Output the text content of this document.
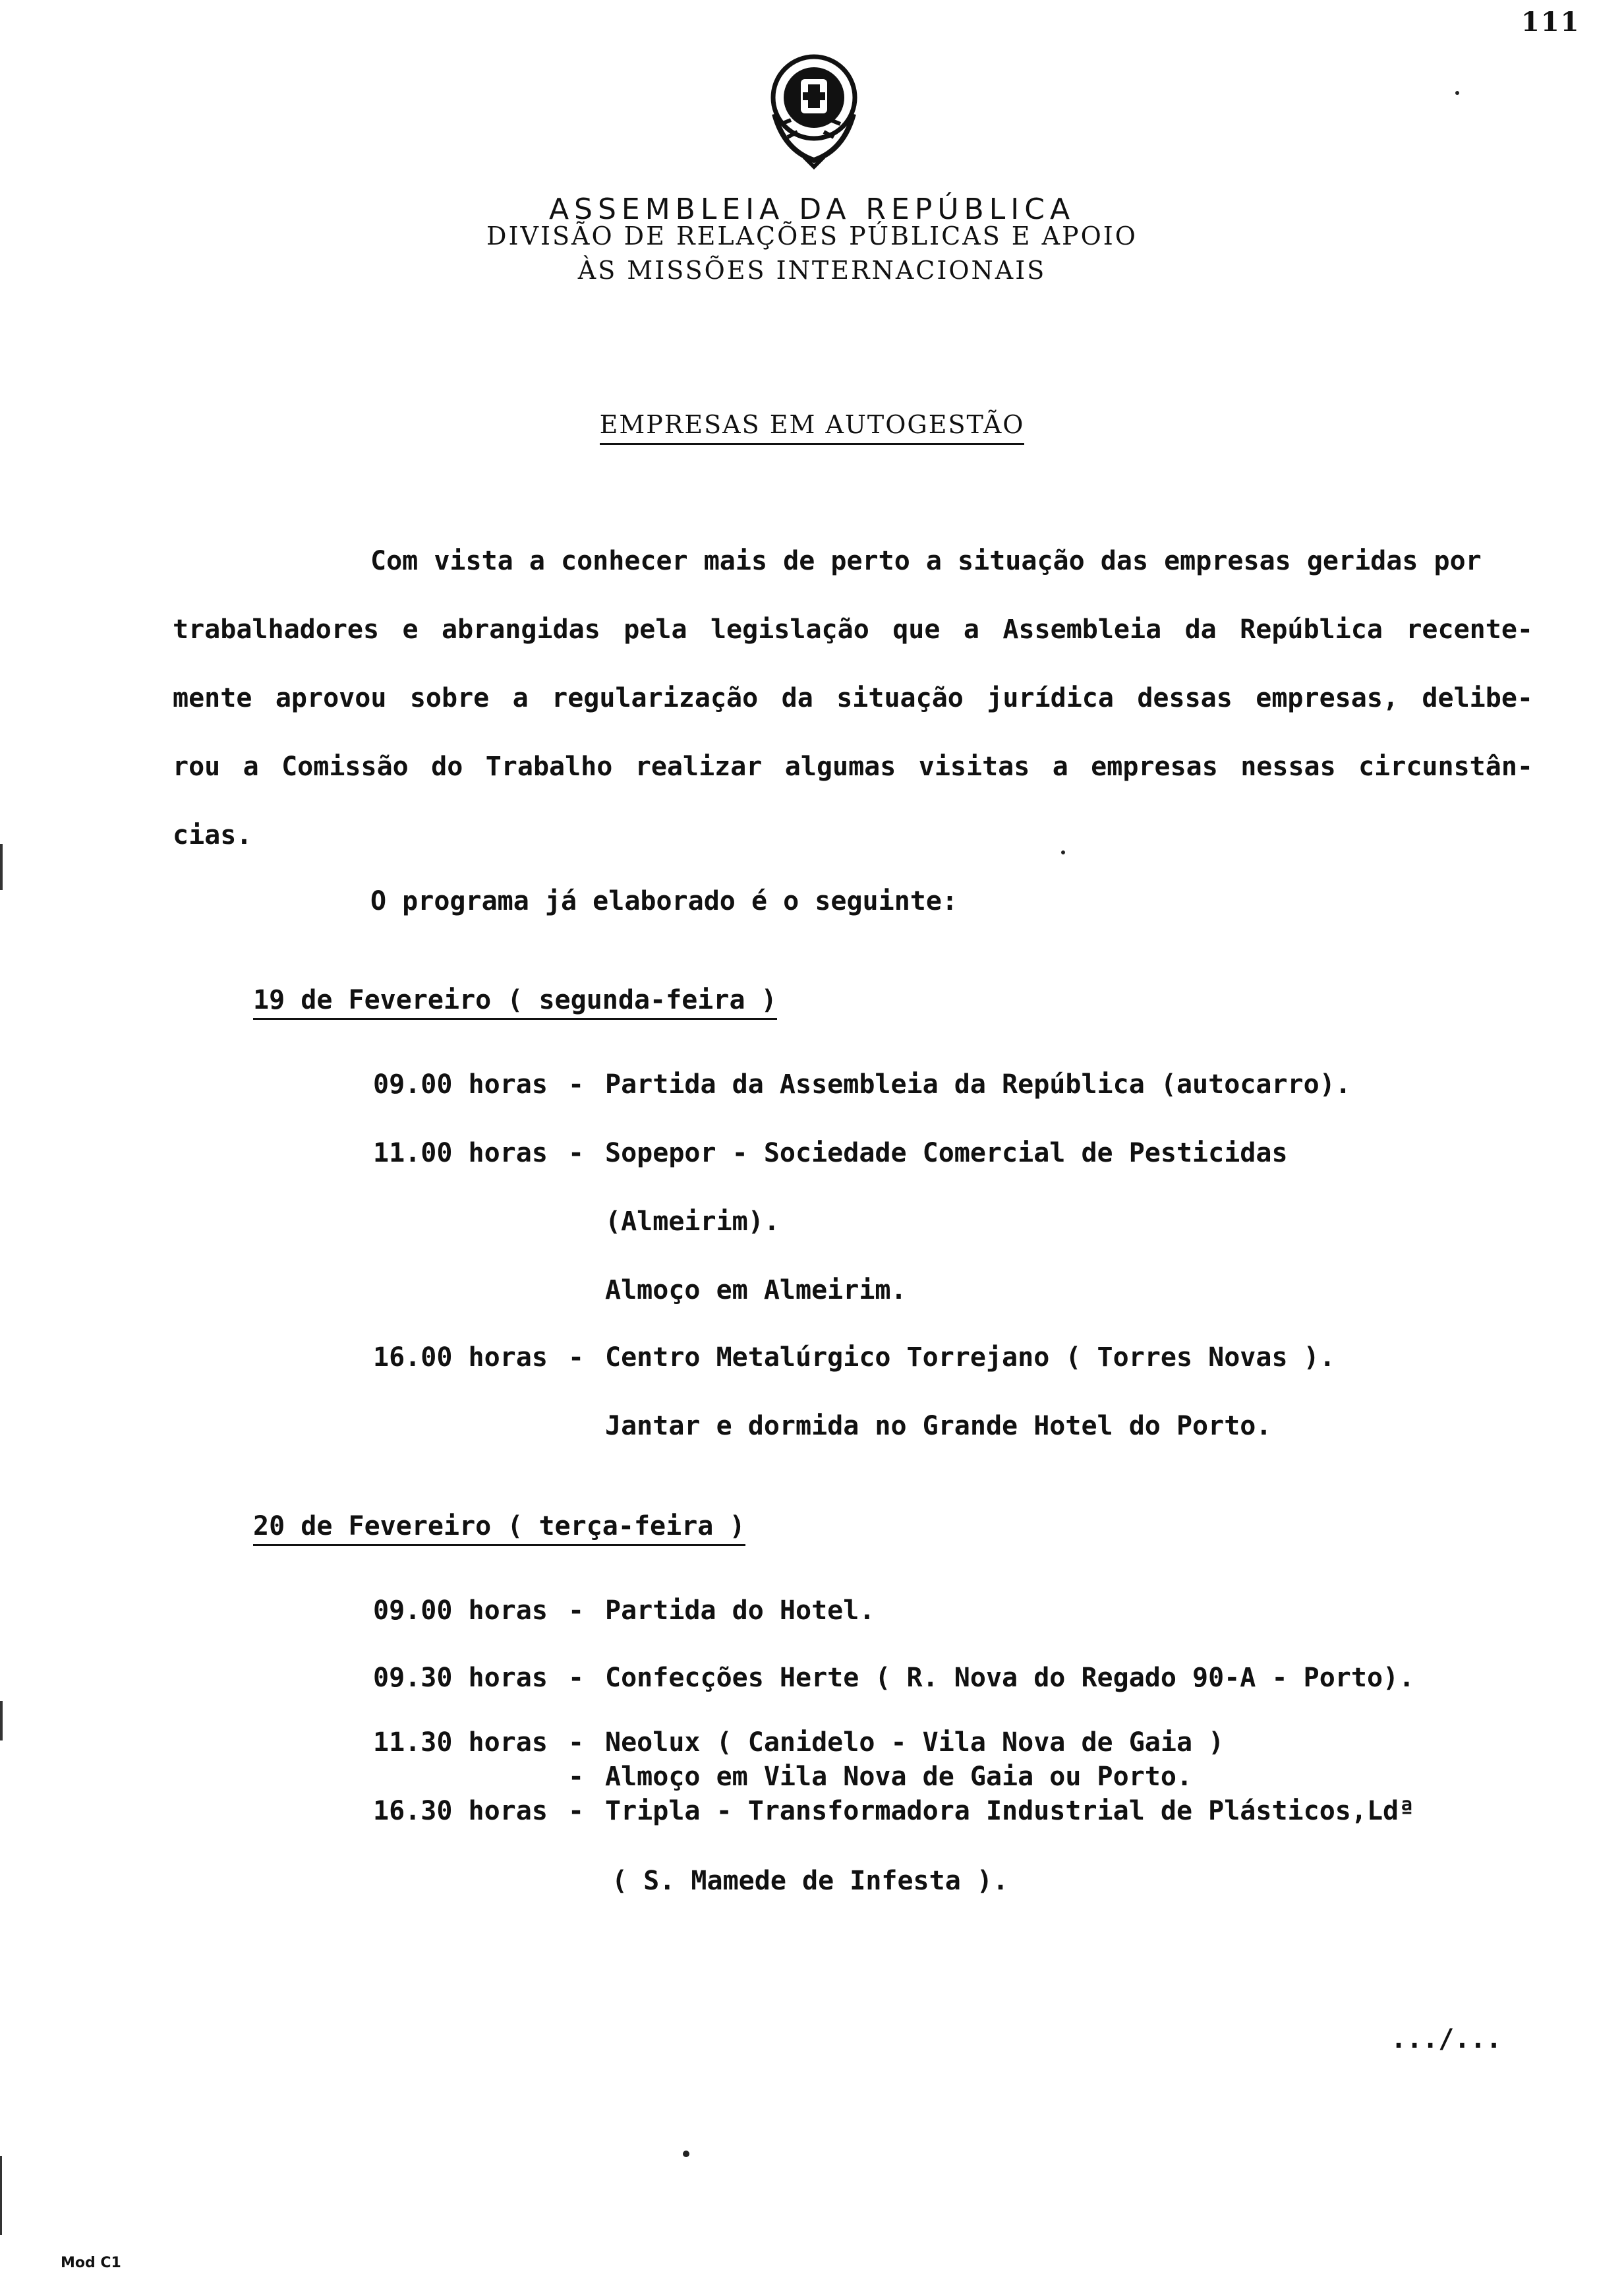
111
ASSEMBLEIA DA REPÚBLICA
DIVISÃO DE RELAÇÕES PÚBLICAS E APOIO
ÀS MISSÕES INTERNACIONAIS
EMPRESAS EM AUTOGESTÃO
Com vista a conhecer mais de perto a situação das empresas geridas por
trabalhadores e abrangidas pela legislação que a Assembleia da República recente-
mente aprovou sobre a regularização da situação jurídica dessas empresas, delibe-
rou a Comissão do Trabalho realizar algumas visitas a empresas nessas circunstân-
cias.
O programa já elaborado é o seguinte:
19 de Fevereiro ( segunda-feira )
09.00 horas - Partida da Assembleia da República (autocarro).
11.00 horas - Sopepor - Sociedade Comercial de Pesticidas
(Almeirim).
Almoço em Almeirim.
16.00 horas - Centro Metalúrgico Torrejano ( Torres Novas ).
Jantar e dormida no Grande Hotel do Porto.
20 de Fevereiro ( terça-feira )
09.00 horas - Partida do Hotel.
09.30 horas - Confecções Herte ( R. Nova do Regado 90-A - Porto).
11.30 horas - Neolux ( Canidelo - Vila Nova de Gaia )
- Almoço em Vila Nova de Gaia ou Porto.
16.30 horas - Tripla - Transformadora Industrial de Plásticos,Ldª
( S. Mamede de Infesta ).
.../...
Mod C1
